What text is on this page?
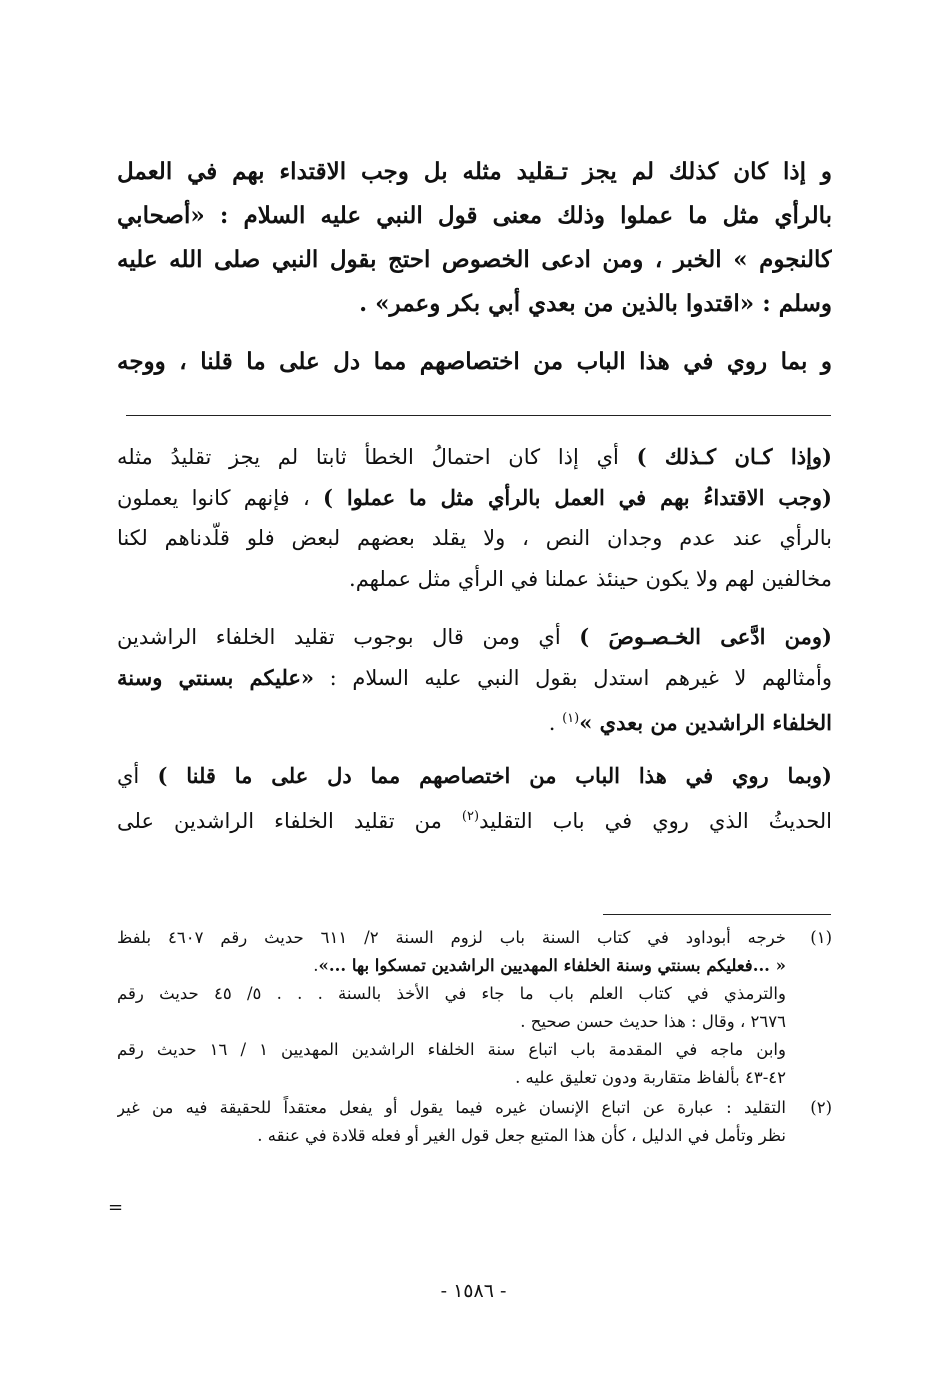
و إذا كان كذلك لم يجز تـقليد مثله بل وجب الاقتداء بهم في العمل
بالرأي مثل ما عملوا وذلك معنى قول النبي عليه السلام : «أصحابي
كالنجوم » الخبر ، ومن ادعى الخصوص احتج بقول النبي صلى الله عليه
وسلم : «اقتدوا بالذين من بعدي أبي بكر وعمر» .
و بما روي في هذا الباب من اختصاصهم مما دل على ما قلنا ، ووجه
(وإذا كـان كـذلك ) أي إذا كان احتمالُ الخطأ ثابتا لم يجز تقليدُ مثله
(وجب الاقتداءُ بهم في العمل بالرأي مثل ما عملوا ) ، فإنهم كانوا يعملون
بالرأي عند عدم وجدان النص ، ولا يقلد بعضهم لبعض فلو قلّدناهم لكنا
مخالفين لهم ولا يكون حينئذ عملنا في الرأي مثل عملهم.
(ومن ادَّعى الخـصـوصَ ) أي ومن قال بوجوب تقليد الخلفاء الراشدين
وأمثالهم لا غيرهم استدل بقول النبي عليه السلام : «عليكم بسنتي وسنة
الخلفاء الراشدين من بعدي »$^{(١)}$ .
(وبما روي في هذا الباب من اختصاصهم مما دل على ما قلنا ) أي
الحديثُ الذي روي في باب التقليد$^{(٢)}$ من تقليد الخلفاء الراشدين على
(١)خرجه أبوداود في كتاب السنة باب لزوم السنة ٢/ ٦١١ حديث رقم ٤٦٠٧ بلفظ
« ...فعليكم بسنتي وسنة الخلفاء المهديين الراشدين تمسكوا بها ...».
والترمذي في كتاب العلم باب ما جاء في الأخذ بالسنة . . . ٥/ ٤٥ حديث رقم
٢٦٧٦ ، وقال : هذا حديث حسن صحيح .
وابن ماجه في المقدمة باب اتباع سنة الخلفاء الراشدين المهديين ١ / ١٦ حديث رقم
٤٢-٤٣ بألفاظ متقاربة ودون تعليق عليه .
(٢)التقليد : عبارة عن اتباع الإنسان غيره فيما يقول أو يفعل معتقداً للحقيقة فيه من غير
نظر وتأمل في الدليل ، كأن هذا المتبع جعل قول الغير أو فعله قلادة في عنقه .
=
- ١٥٨٦ -
